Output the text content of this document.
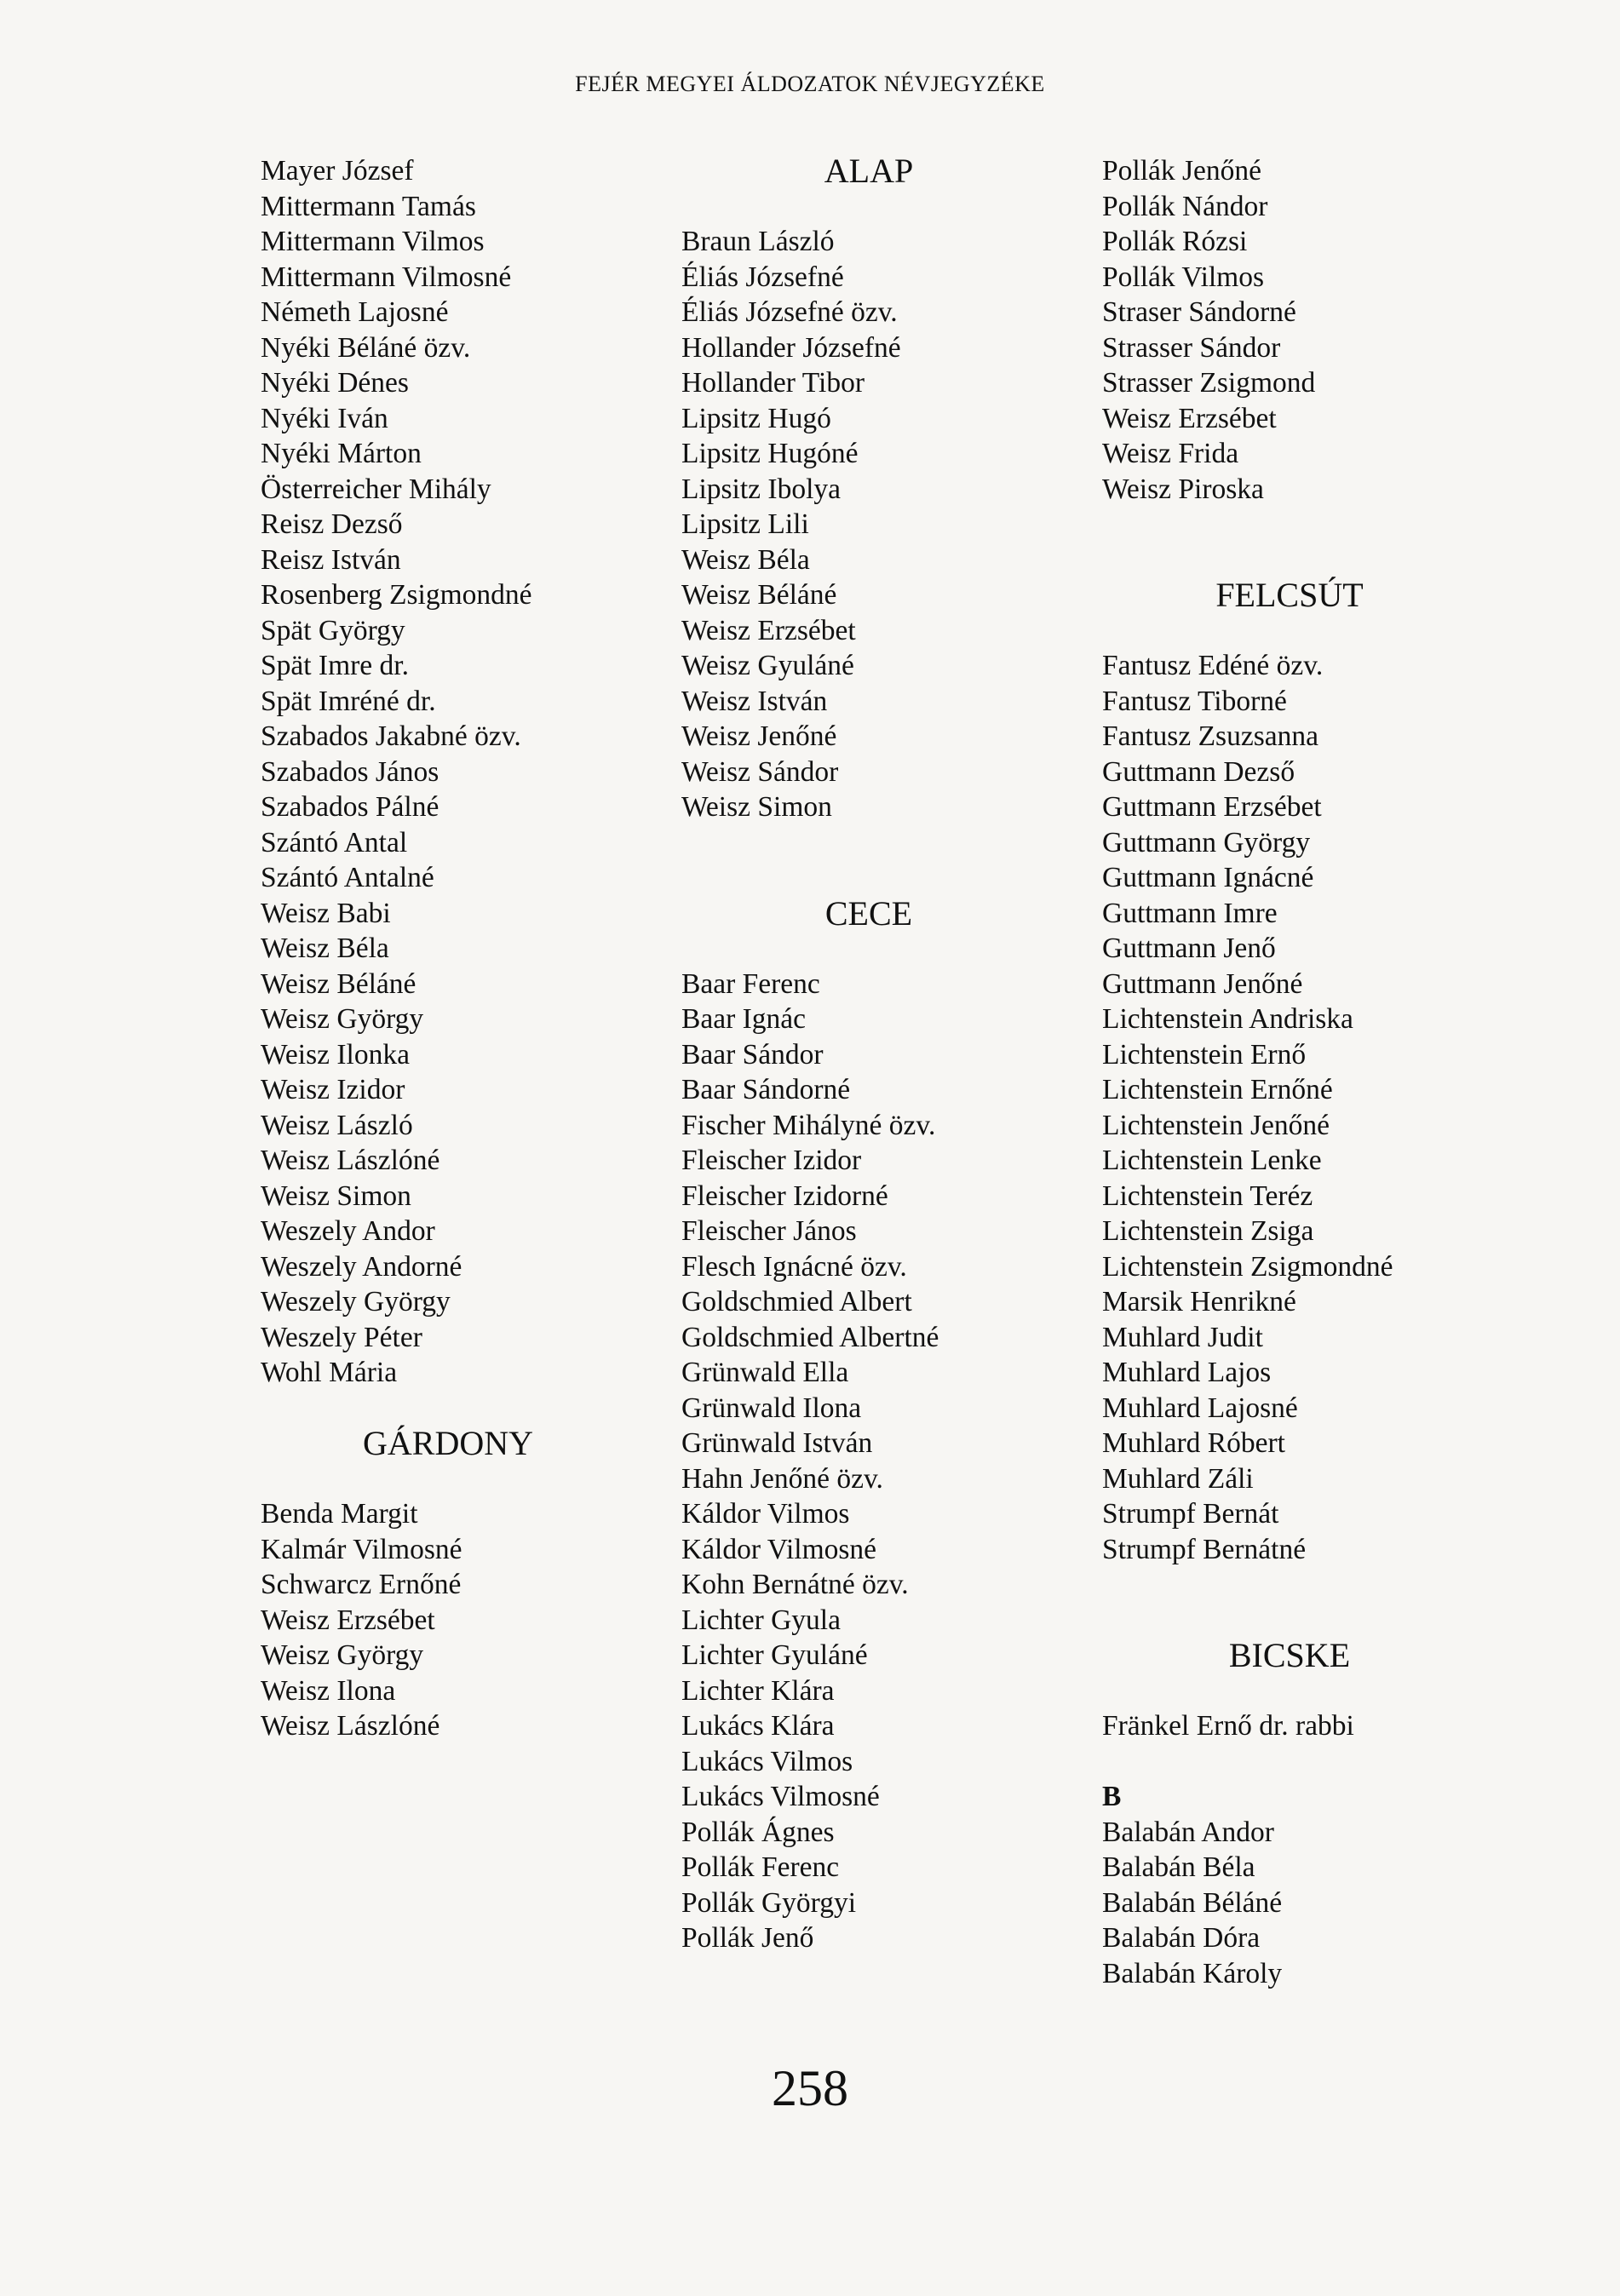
FEJÉR MEGYEI ÁLDOZATOK NÉVJEGYZÉKE
Mayer József
Mittermann Tamás
Mittermann Vilmos
Mittermann Vilmosné
Németh Lajosné
Nyéki Béláné özv.
Nyéki Dénes
Nyéki Iván
Nyéki Márton
Österreicher Mihály
Reisz Dezső
Reisz István
Rosenberg Zsigmondné
Spät György
Spät Imre dr.
Spät Imréné dr.
Szabados Jakabné özv.
Szabados János
Szabados Pálné
Szántó Antal
Szántó Antalné
Weisz Babi
Weisz Béla
Weisz Béláné
Weisz György
Weisz Ilonka
Weisz Izidor
Weisz László
Weisz Lászlóné
Weisz Simon
Weszely Andor
Weszely Andorné
Weszely György
Weszely Péter
Wohl Mária
GÁRDONY
Benda Margit
Kalmár Vilmosné
Schwarcz Ernőné
Weisz Erzsébet
Weisz György
Weisz Ilona
Weisz Lászlóné
ALAP
Braun László
Éliás Józsefné
Éliás Józsefné özv.
Hollander Józsefné
Hollander Tibor
Lipsitz Hugó
Lipsitz Hugóné
Lipsitz Ibolya
Lipsitz Lili
Weisz Béla
Weisz Béláné
Weisz Erzsébet
Weisz Gyuláné
Weisz István
Weisz Jenőné
Weisz Sándor
Weisz Simon
CECE
Baar Ferenc
Baar Ignác
Baar Sándor
Baar Sándorné
Fischer Mihályné özv.
Fleischer Izidor
Fleischer Izidorné
Fleischer János
Flesch Ignácné özv.
Goldschmied Albert
Goldschmied Albertné
Grünwald Ella
Grünwald Ilona
Grünwald István
Hahn Jenőné özv.
Káldor Vilmos
Káldor Vilmosné
Kohn Bernátné özv.
Lichter Gyula
Lichter Gyuláné
Lichter Klára
Lukács Klára
Lukács Vilmos
Lukács Vilmosné
Pollák Ágnes
Pollák Ferenc
Pollák Györgyi
Pollák Jenő
Pollák Jenőné
Pollák Nándor
Pollák Rózsi
Pollák Vilmos
Straser Sándorné
Strasser Sándor
Strasser Zsigmond
Weisz Erzsébet
Weisz Frida
Weisz Piroska
FELCSÚT
Fantusz Edéné özv.
Fantusz Tiborné
Fantusz Zsuzsanna
Guttmann Dezső
Guttmann Erzsébet
Guttmann György
Guttmann Ignácné
Guttmann Imre
Guttmann Jenő
Guttmann Jenőné
Lichtenstein Andriska
Lichtenstein Ernő
Lichtenstein Ernőné
Lichtenstein Jenőné
Lichtenstein Lenke
Lichtenstein Teréz
Lichtenstein Zsiga
Lichtenstein Zsigmondné
Marsik Henrikné
Muhlard Judit
Muhlard Lajos
Muhlard Lajosné
Muhlard Róbert
Muhlard Záli
Strumpf Bernát
Strumpf Bernátné
BICSKE
Fränkel Ernő dr. rabbi
B
Balabán Andor
Balabán Béla
Balabán Béláné
Balabán Dóra
Balabán Károly
258
